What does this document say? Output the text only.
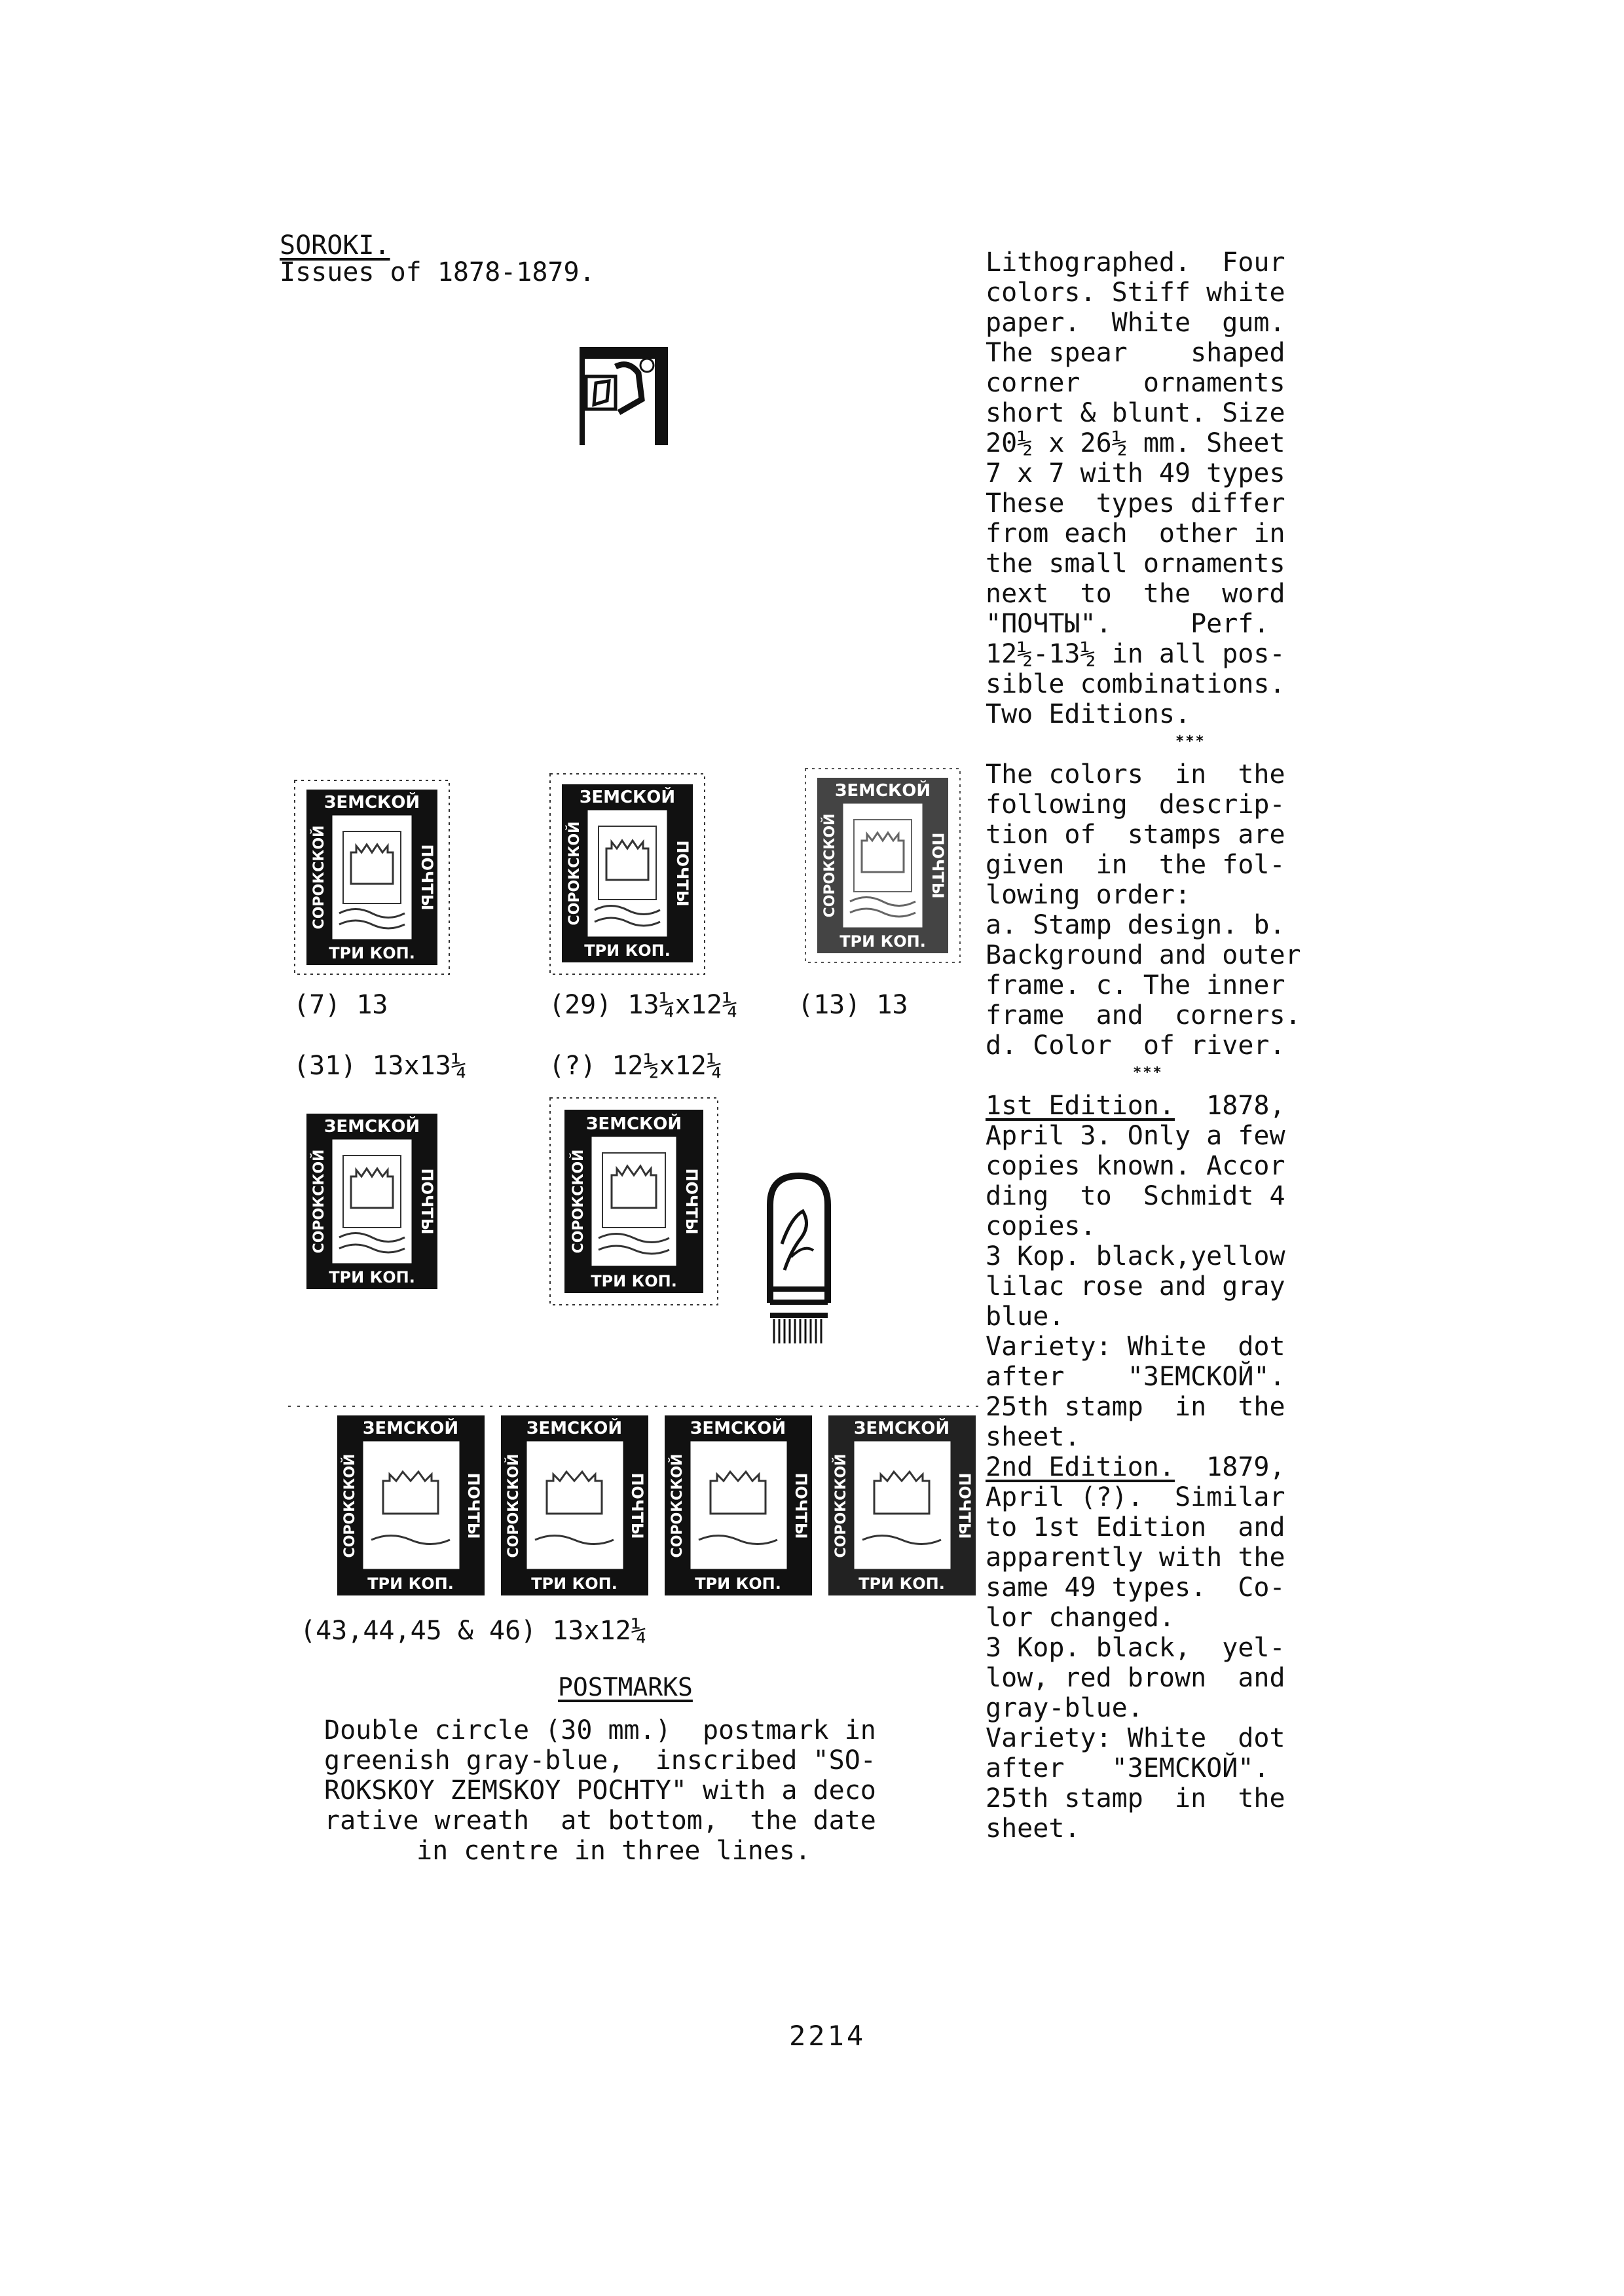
SOROKI.
Issues of 1878-1879.
ЗЕМСКОЙ
ТРИ КОП.
СОРОКСКОЙ	ПОЧТЫ
ЗЕМСКОЙ
ТРИ КОП.
СОРОКСКОЙ	ПОЧТЫ
ЗЕМСКОЙ
ТРИ КОП.
СОРОКСКОЙ	ПОЧТЫ
(7) 13	(29) 13¼x12¼ (13) 13
(31) 13x13¼	(?) 12½x12¼
ЗЕМСКОЙ
ТРИ КОП.
СОРОКСКОЙ	ПОЧТЫ
ЗЕМСКОЙ
ТРИ КОП.
СОРОКСКОЙ	ПОЧТЫ
ЗЕМСКОЙ
ТРИ КОП.
СОРОКСКОЙ	ПОЧТЫ
ЗЕМСКОЙ
ТРИ КОП.
СОРОКСКОЙ	ПОЧТЫ
ЗЕМСКОЙ
ТРИ КОП.
СОРОКСКОЙ	ПОЧТЫ
ЗЕМСКОЙ
ТРИ КОП.
СОРОКСКОЙ	ПОЧТЫ
(43,44,45 & 46) 13x12¼
POSTMARKS
Double circle (30 mm.)  postmark in
greenish gray-blue,  inscribed "SO-
ROKSKOY ZEMSKOY POCHTY" with a deco
rative wreath  at bottom,  the date
in centre in three lines.
Lithographed.  Four
colors. Stiff white
paper.  White  gum.
The spear    shaped
corner    ornaments
short & blunt. Size
20½ x 26½ mm. Sheet
7 x 7 with 49 types
These  types differ
from each  other in
the small ornaments
next  to  the  word
"ПОЧТЫ".     Perf.
12½-13½ in all pos-
sible combinations.
Two Editions.
***
The colors  in  the
following  descrip-
tion of  stamps are
given  in  the fol-
lowing order:
a. Stamp design. b.
Background and outer
frame. c. The inner
frame  and  corners.
d. Color  of river.
***
1st Edition.  1878,
April 3. Only a few
copies known. Accor
ding  to  Schmidt 4
copies.
3 Kop. black,yellow
lilac rose and gray
blue.
Variety: White  dot
after    "ЗЕМСКОЙ".
25th stamp  in  the
sheet.
2nd Edition.  1879,
April (?).  Similar
to 1st Edition  and
apparently with the
same 49 types.  Co-
lor changed.
3 Kop. black,  yel-
low, red brown  and
gray-blue.
Variety: White  dot
after   "ЗЕМСКОЙ".
25th stamp  in  the
sheet.
2214
